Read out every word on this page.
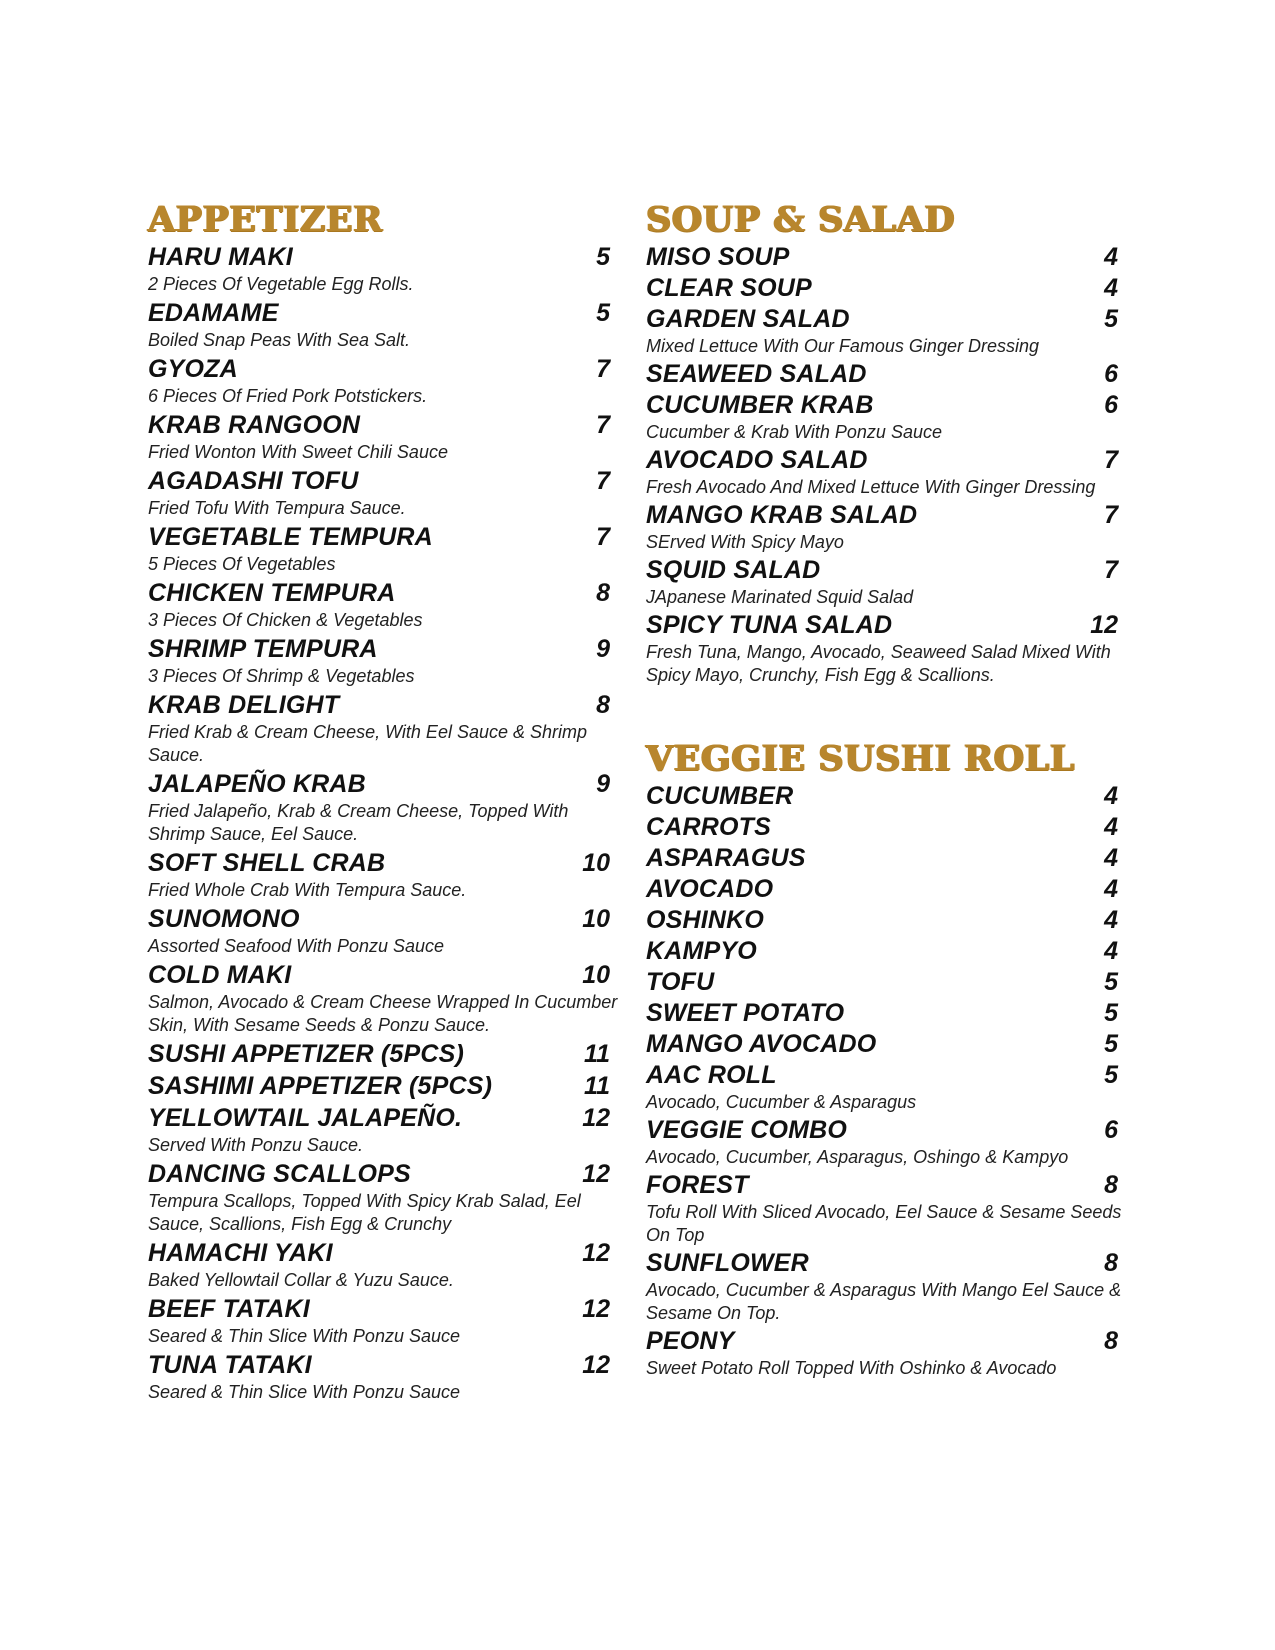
APPETIZER
HARU MAKI	5
2 Pieces Of Vegetable Egg Rolls.
EDAMAME	5
Boiled Snap Peas With Sea Salt.
GYOZA	7
6 Pieces Of Fried Pork Potstickers.
KRAB RANGOON	7
Fried Wonton With Sweet Chili Sauce
AGADASHI TOFU	7
Fried Tofu With Tempura Sauce.
VEGETABLE TEMPURA	7
5 Pieces Of Vegetables
CHICKEN TEMPURA	8
3 Pieces Of Chicken & Vegetables
SHRIMP TEMPURA	9
3 Pieces Of Shrimp & Vegetables
KRAB DELIGHT	8
Fried Krab & Cream Cheese, With Eel Sauce & Shrimp Sauce.
JALAPEÑO KRAB	9
Fried Jalapeño, Krab & Cream Cheese, Topped With Shrimp Sauce, Eel Sauce.
SOFT SHELL CRAB	10
Fried Whole Crab With Tempura Sauce.
SUNOMONO	10
Assorted Seafood With Ponzu Sauce
COLD MAKI	10
Salmon, Avocado & Cream Cheese Wrapped In Cucumber Skin, With Sesame Seeds & Ponzu Sauce.
SUSHI APPETIZER (5PCS)	11
SASHIMI APPETIZER (5PCS)	11
YELLOWTAIL JALAPEÑO.	12
Served With Ponzu Sauce.
DANCING SCALLOPS	12
Tempura Scallops, Topped With Spicy Krab Salad, Eel Sauce, Scallions, Fish Egg & Crunchy
HAMACHI YAKI	12
Baked Yellowtail Collar & Yuzu Sauce.
BEEF TATAKI	12
Seared & Thin Slice With Ponzu Sauce
TUNA TATAKI	12
Seared & Thin Slice With Ponzu Sauce
SOUP & SALAD
MISO SOUP	4
CLEAR SOUP	4
GARDEN SALAD	5
Mixed Lettuce With Our Famous Ginger Dressing
SEAWEED SALAD	6
CUCUMBER KRAB	6
Cucumber & Krab With Ponzu Sauce
AVOCADO SALAD	7
Fresh Avocado And Mixed Lettuce With Ginger Dressing
MANGO KRAB SALAD	7
SErved With Spicy Mayo
SQUID SALAD	7
JApanese Marinated Squid Salad
SPICY TUNA SALAD	12
Fresh Tuna, Mango, Avocado, Seaweed Salad Mixed With Spicy Mayo, Crunchy, Fish Egg & Scallions.
VEGGIE SUSHI ROLL
CUCUMBER	4
CARROTS	4
ASPARAGUS	4
AVOCADO	4
OSHINKO	4
KAMPYO	4
TOFU	5
SWEET POTATO	5
MANGO AVOCADO	5
AAC ROLL	5
Avocado, Cucumber & Asparagus
VEGGIE COMBO	6
Avocado, Cucumber, Asparagus, Oshingo & Kampyo
FOREST	8
Tofu Roll With Sliced Avocado, Eel Sauce & Sesame Seeds On Top
SUNFLOWER	8
Avocado, Cucumber & Asparagus With Mango Eel Sauce & Sesame On Top.
PEONY	8
Sweet Potato Roll Topped With Oshinko & Avocado
